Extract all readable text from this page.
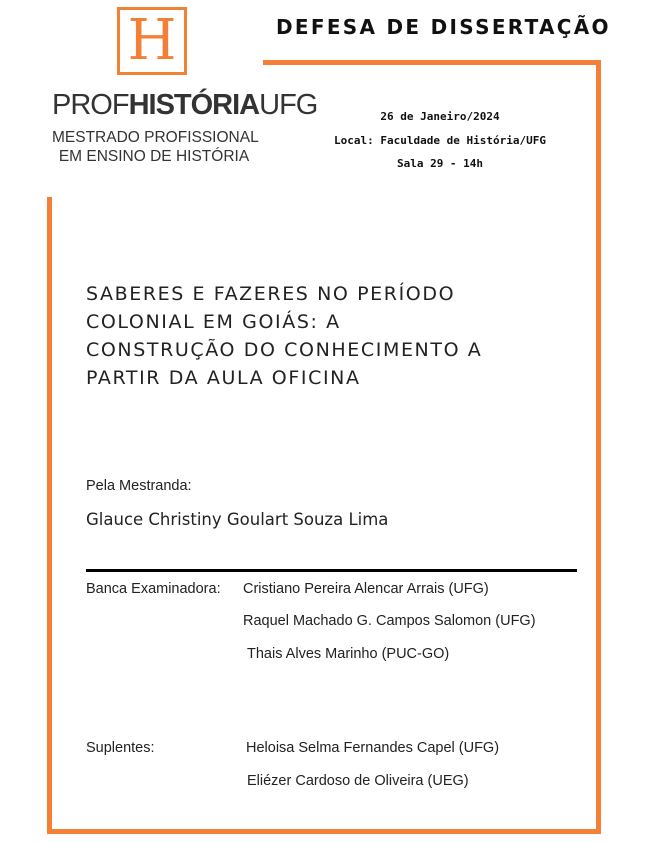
H
PROFHISTÓRIAUFG
MESTRADO PROFISSIONAL
EM ENSINO DE HISTÓRIA
DEFESA DE DISSERTAÇÃO
26 de Janeiro/2024
Local: Faculdade de História/UFG
Sala 29 - 14h
SABERES E FAZERES NO PERÍODO
COLONIAL EM GOIÁS: A
CONSTRUÇÃO DO CONHECIMENTO A
PARTIR DA AULA OFICINA
Pela Mestranda:
Glauce Christiny Goulart Souza Lima
Banca Examinadora: Cristiano Pereira Alencar Arrais (UFG)
Raquel Machado G. Campos Salomon (UFG)
Thais Alves Marinho (PUC-GO)
Suplentes:	Heloisa Selma Fernandes Capel (UFG)
Eliézer Cardoso de Oliveira (UEG)
